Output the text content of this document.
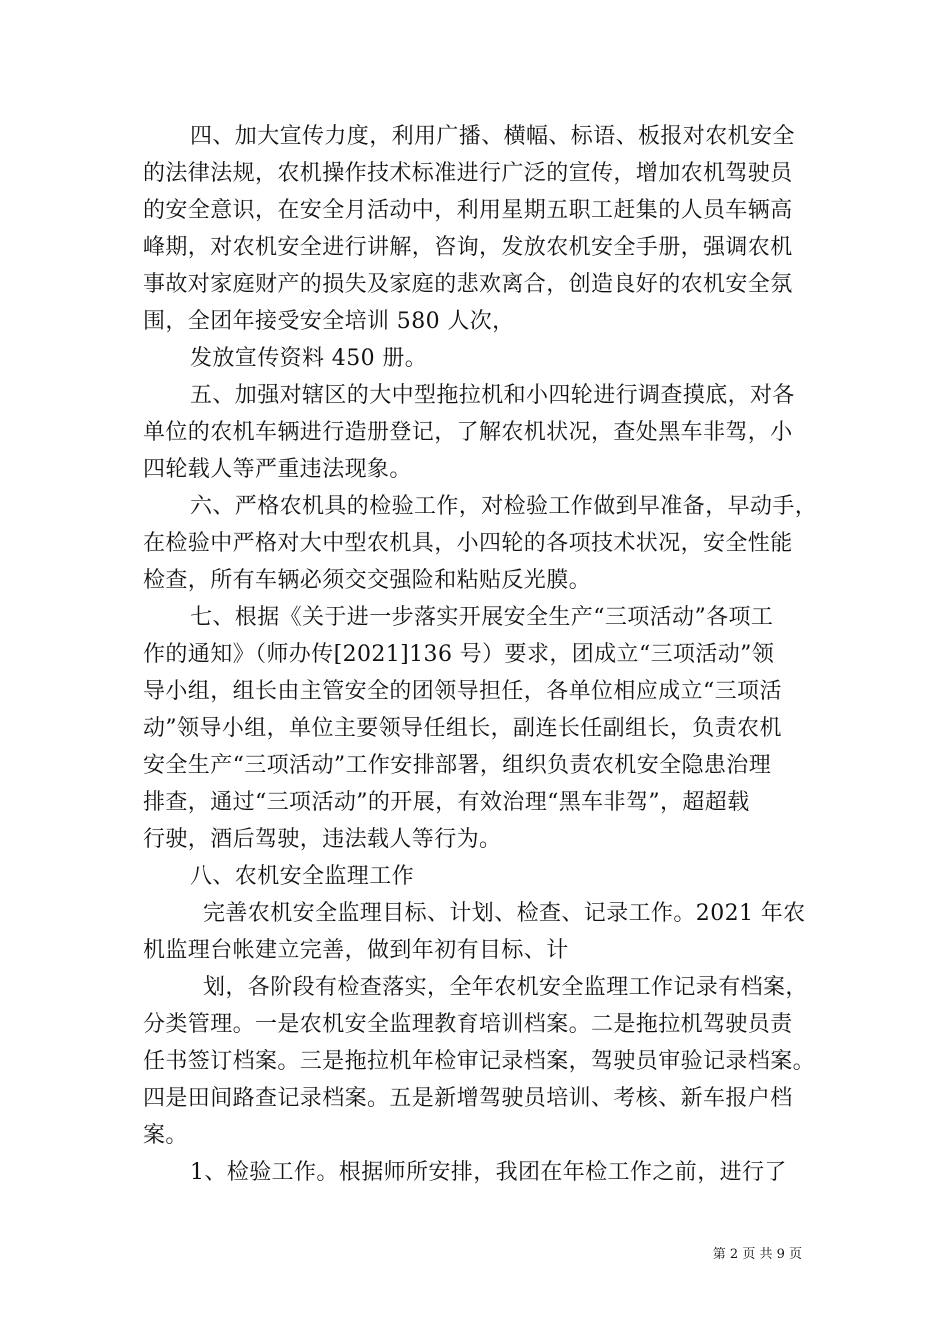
四、加大宣传力度，利用广播、横幅、标语、板报对农机安全
的法律法规，农机操作技术标准进行广泛的宣传，增加农机驾驶员
的安全意识，在安全月活动中，利用星期五职工赶集的人员车辆高
峰期，对农机安全进行讲解，咨询，发放农机安全手册，强调农机
事故对家庭财产的损失及家庭的悲欢离合，创造良好的农机安全氛
围，全团年接受安全培训 580 人次，
发放宣传资料 450 册。
五、加强对辖区的大中型拖拉机和小四轮进行调查摸底，对各
单位的农机车辆进行造册登记，了解农机状况，查处黑车非驾，小
四轮载人等严重违法现象。
六、严格农机具的检验工作，对检验工作做到早准备，早动手，
在检验中严格对大中型农机具，小四轮的各项技术状况，安全性能
检查，所有车辆必须交交强险和粘贴反光膜。
七、根据《关于进一步落实开展安全生产“三项活动”各项工
作的通知》（师办传[2021]136 号）要求，团成立“三项活动”领
导小组，组长由主管安全的团领导担任，各单位相应成立“三项活
动”领导小组，单位主要领导任组长，副连长任副组长，负责农机
安全生产“三项活动”工作安排部署，组织负责农机安全隐患治理
排查，通过“三项活动”的开展，有效治理“黑车非驾”，超超载
行驶，酒后驾驶，违法载人等行为。
八、农机安全监理工作
完善农机安全监理目标、计划、检查、记录工作。2021 年农
机监理台帐建立完善，做到年初有目标、计
划，各阶段有检查落实，全年农机安全监理工作记录有档案，
分类管理。一是农机安全监理教育培训档案。二是拖拉机驾驶员责
任书签订档案。三是拖拉机年检审记录档案，驾驶员审验记录档案。
四是田间路查记录档案。五是新增驾驶员培训、考核、新车报户档
案。
1、检验工作。根据师所安排，我团在年检工作之前，进行了
第 2 页 共 9 页
